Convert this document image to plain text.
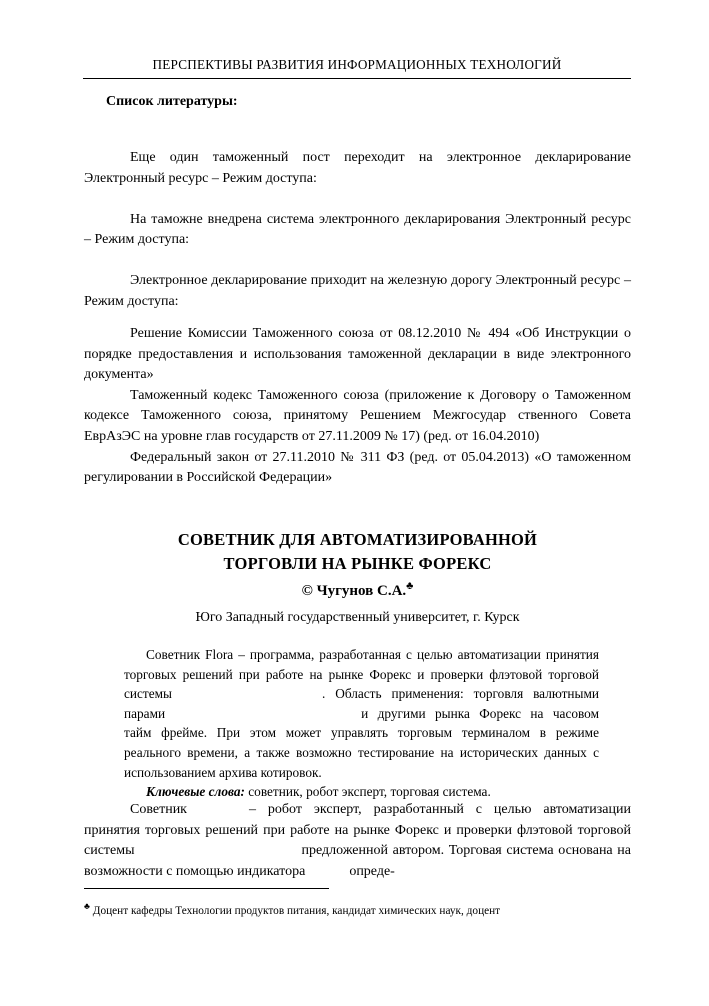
ПЕРСПЕКТИВЫ РАЗВИТИЯ ИНФОРМАЦИОННЫХ ТЕХНОЛОГИЙ
Список литературы:

Еще один таможенный пост переходит на электронное декларирование Электронный ресурс – Режим доступа:

На таможне внедрена система электронного декларирования Электронный ресурс – Режим доступа:

Электронное декларирование приходит на железную дорогу Электронный ресурс – Режим доступа:

Решение Комиссии Таможенного союза от 08.12.2010 № 494 «Об Инструкции о порядке предоставления и использования таможенной декларации в виде электронного документа»

Таможенный кодекс Таможенного союза (приложение к Договору о Таможенном кодексе Таможенного союза, принятому Решением Межгосудар ственного Совета ЕврАзЭС на уровне глав государств от 27.11.2009 № 17) (ред. от 16.04.2010)

Федеральный закон от 27.11.2010 № 311 ФЗ (ред. от 05.04.2013) «О таможенном регулировании в Российской Федерации»

СОВЕТНИК ДЛЯ АВТОМАТИЗИРОВАННОЙ
ТОРГОВЛИ НА РЫНКЕ ФОРЕКС
© Чугунов С.А.♣
Юго Западный государственный университет, г. Курск

Советник Flora – программа, разработанная с целью автоматизации принятия торговых решений при работе на рынке Форекс и проверки флэтовой торговой системы	. Область применения: торговля валютными парами	и другими рынка Форекс на часовом тайм фрейме. При этом может управлять торговым терминалом в режиме реального времени, а также возможно тестирование на исторических данных с использованием архива котировок.

Ключевые слова: советник, робот эксперт, торговая система.

Советник	– робот эксперт, разработанный с целью автоматизации принятия торговых решений при работе на рынке Форекс и проверки флэтовой торговой системы	предложенной автором. Торговая система основана на возможности с помощью индикатора	опреде-

♣ Доцент кафедры Технологии продуктов питания, кандидат химических наук, доцент
